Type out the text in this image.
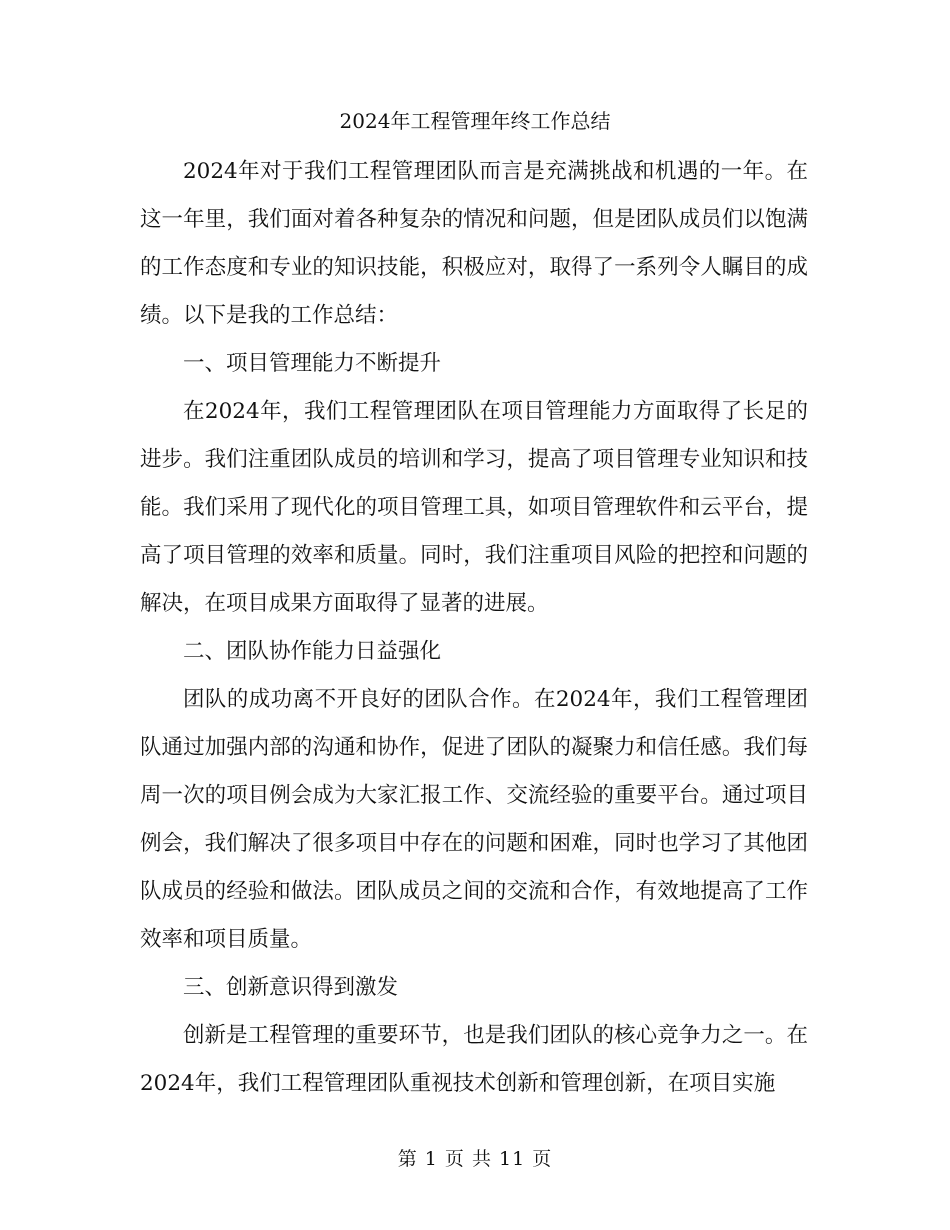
2024年工程管理年终工作总结

2024年对于我们工程管理团队而言是充满挑战和机遇的一年。在这一年里，我们面对着各种复杂的情况和问题，但是团队成员们以饱满的工作态度和专业的知识技能，积极应对，取得了一系列令人瞩目的成绩。以下是我的工作总结：

一、项目管理能力不断提升

在2024年，我们工程管理团队在项目管理能力方面取得了长足的进步。我们注重团队成员的培训和学习，提高了项目管理专业知识和技能。我们采用了现代化的项目管理工具，如项目管理软件和云平台，提高了项目管理的效率和质量。同时，我们注重项目风险的把控和问题的解决，在项目成果方面取得了显著的进展。

二、团队协作能力日益强化

团队的成功离不开良好的团队合作。在2024年，我们工程管理团队通过加强内部的沟通和协作，促进了团队的凝聚力和信任感。我们每周一次的项目例会成为大家汇报工作、交流经验的重要平台。通过项目例会，我们解决了很多项目中存在的问题和困难，同时也学习了其他团队成员的经验和做法。团队成员之间的交流和合作，有效地提高了工作效率和项目质量。

三、创新意识得到激发

创新是工程管理的重要环节，也是我们团队的核心竞争力之一。在2024年，我们工程管理团队重视技术创新和管理创新，在项目实施

第 1 页 共 11 页
